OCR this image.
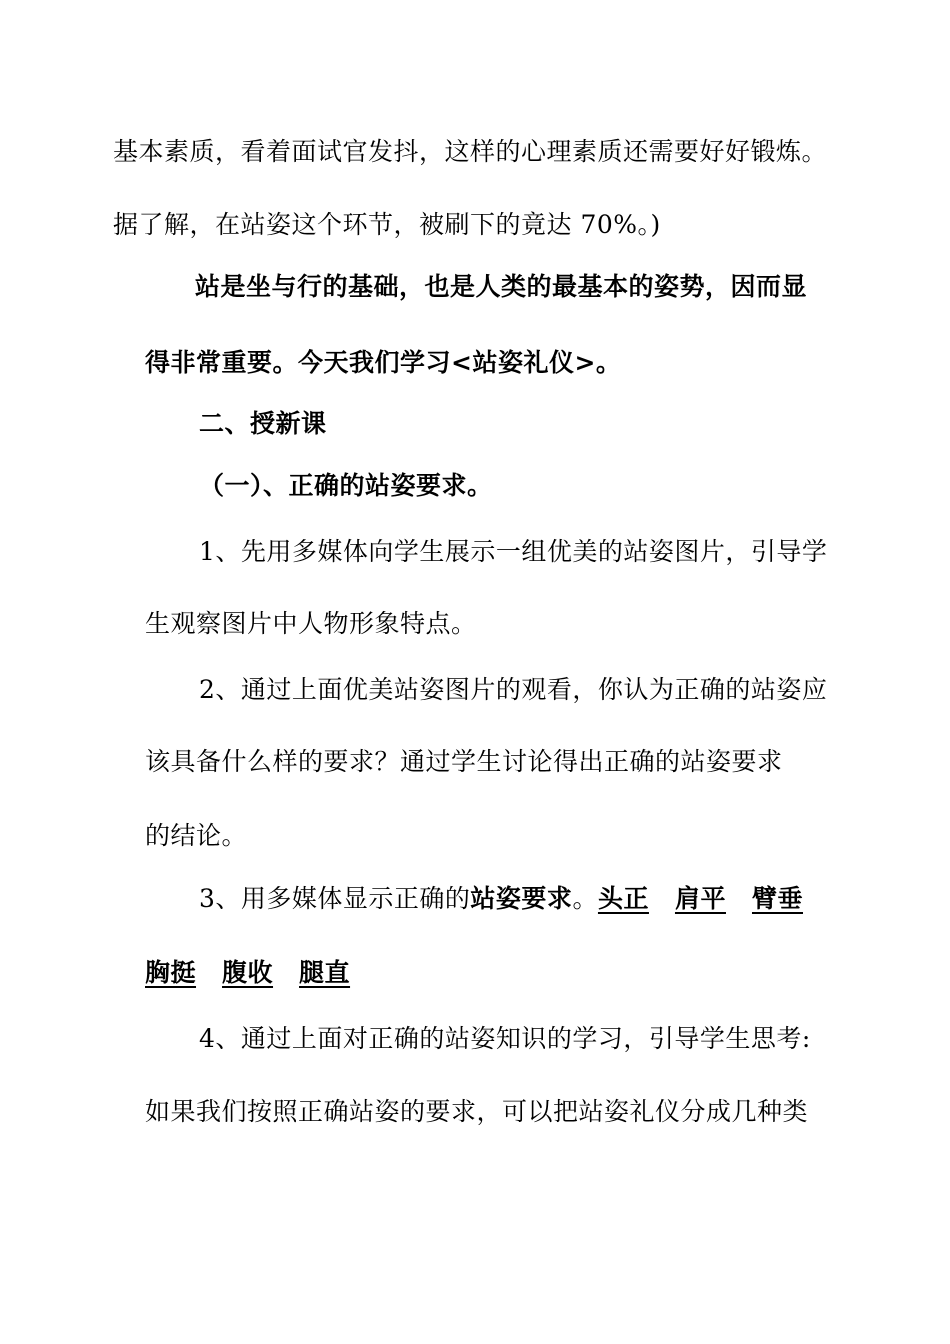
基本素质，看着面试官发抖，这样的心理素质还需要好好锻炼。
据了解，在站姿这个环节，被刷下的竟达 70%。)
站是坐与行的基础，也是人类的最基本的姿势，因而显
得非常重要。今天我们学习<站姿礼仪>。
二、授新课
（一）、正确的站姿要求。
1、先用多媒体向学生展示一组优美的站姿图片，引导学
生观察图片中人物形象特点。
2、通过上面优美站姿图片的观看，你认为正确的站姿应
该具备什么样的要求？通过学生讨论得出正确的站姿要求
的结论。
3、用多媒体显示正确的站姿要求。头正 肩平 臂垂
胸挺 腹收 腿直
4、通过上面对正确的站姿知识的学习，引导学生思考:
如果我们按照正确站姿的要求，可以把站姿礼仪分成几种类
